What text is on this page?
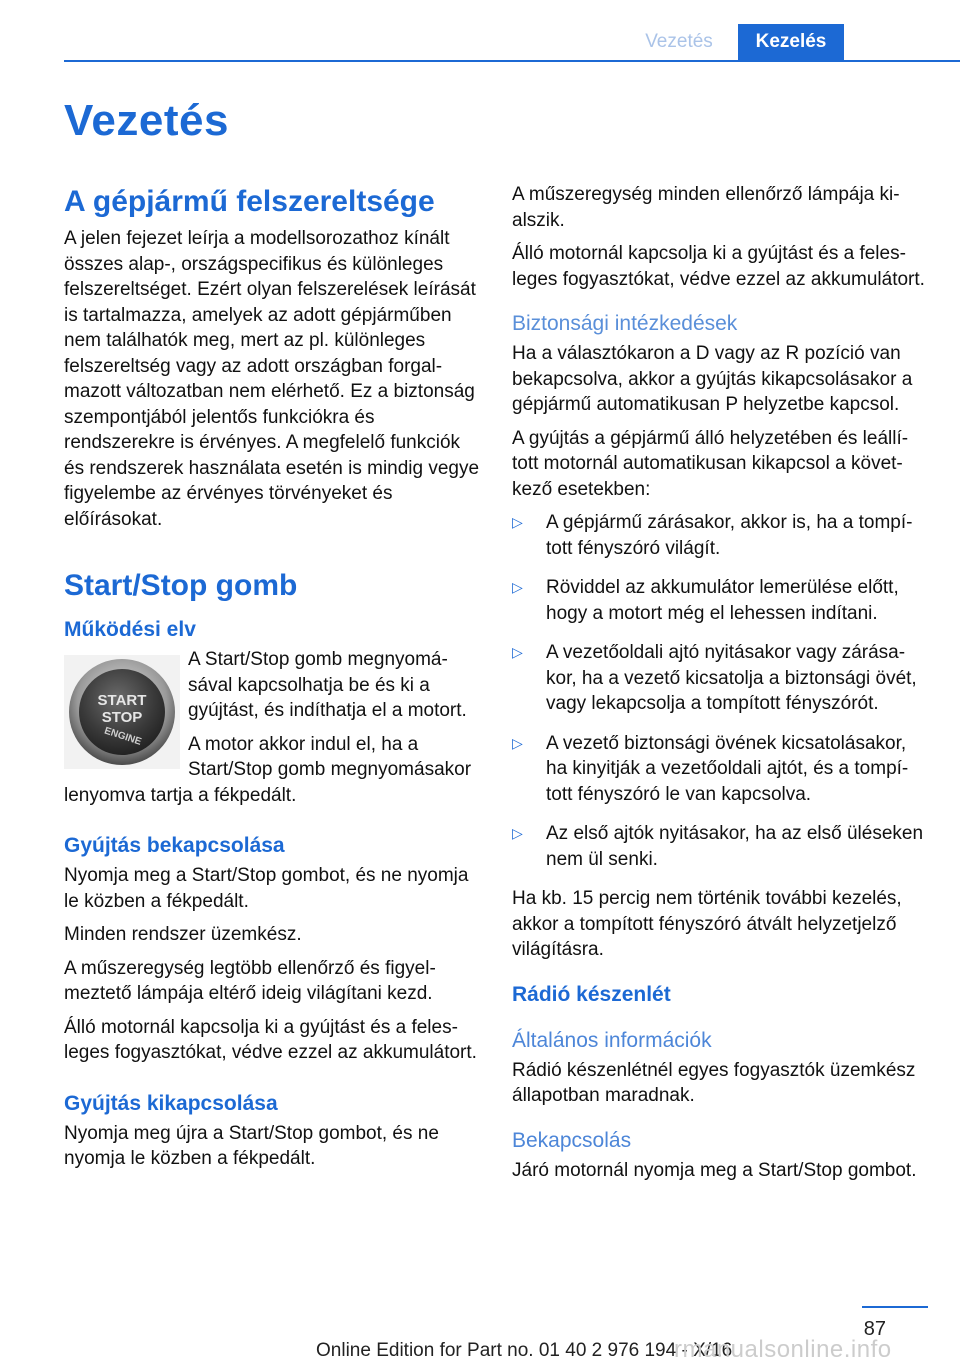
Vezetés	Kezelés
Vezetés
A gépjármű felszereltsége

A jelen fejezet leírja a modellsorozathoz kínált összes alap-, országspecifikus és különleges felszereltséget. Ezért olyan felszerelések leírását is tartalmazza, amelyek az adott gépjárműben nem találhatók meg, mert az pl. különleges felszereltség vagy az adott országban forgalmazott változatban nem elérhető. Ez a biztonság szempontjából jelentős funkciókra és rendszerekre is érvényes. A megfelelő funkciók és rendszerek használata esetén is mindig vegye figyelembe az érvényes törvényeket és előírásokat.

Start/Stop gomb
Működési elv
START
STOP
ENGINE

A Start/Stop gomb megnyomásával kapcsolhatja be és ki a gyújtást, és indíthatja el a motort.

A motor akkor indul el, ha a Start/Stop gomb megnyomásakor lenyomva tartja a fékpedált.

Gyújtás bekapcsolása

Nyomja meg a Start/Stop gombot, és ne nyomja le közben a fékpedált.

Minden rendszer üzemkész.

A műszeregység legtöbb ellenőrző és figyelmeztető lámpája eltérő ideig világítani kezd.

Álló motornál kapcsolja ki a gyújtást és a felesleges fogyasztókat, védve ezzel az akkumulátort.

Gyújtás kikapcsolása

Nyomja meg újra a Start/Stop gombot, és ne nyomja le közben a fékpedált.

A műszeregység minden ellenőrző lámpája kialszik.

Álló motornál kapcsolja ki a gyújtást és a felesleges fogyasztókat, védve ezzel az akkumulátort.

Biztonsági intézkedések

Ha a választókaron a D vagy az R pozíció van bekapcsolva, akkor a gyújtás kikapcsolásakor a gépjármű automatikusan P helyzetbe kapcsol.

A gyújtás a gépjármű álló helyzetében és leállított motornál automatikusan kikapcsol a következő esetekben:

▷ A gépjármű zárásakor, akkor is, ha a tompított fényszóró világít.
▷ Röviddel az akkumulátor lemerülése előtt, hogy a motort még el lehessen indítani.
▷ A vezetőoldali ajtó nyitásakor vagy zárásakor, ha a vezető kicsatolja a biztonsági övét, vagy lekapcsolja a tompított fényszórót.
▷ A vezető biztonsági övének kicsatolásakor, ha kinyitják a vezetőoldali ajtót, és a tompított fényszóró le van kapcsolva.
▷ Az első ajtók nyitásakor, ha az első üléseken nem ül senki.

Ha kb. 15 percig nem történik további kezelés, akkor a tompított fényszóró átvált helyzetjelző világításra.

Rádió készenlét
Általános információk

Rádió készenlétnél egyes fogyasztók üzemkész állapotban maradnak.

Bekapcsolás

Járó motornál nyomja meg a Start/Stop gombot.

87
Online Edition for Part no. 01 40 2 976 194 - X/16
rmanualsonline.info
